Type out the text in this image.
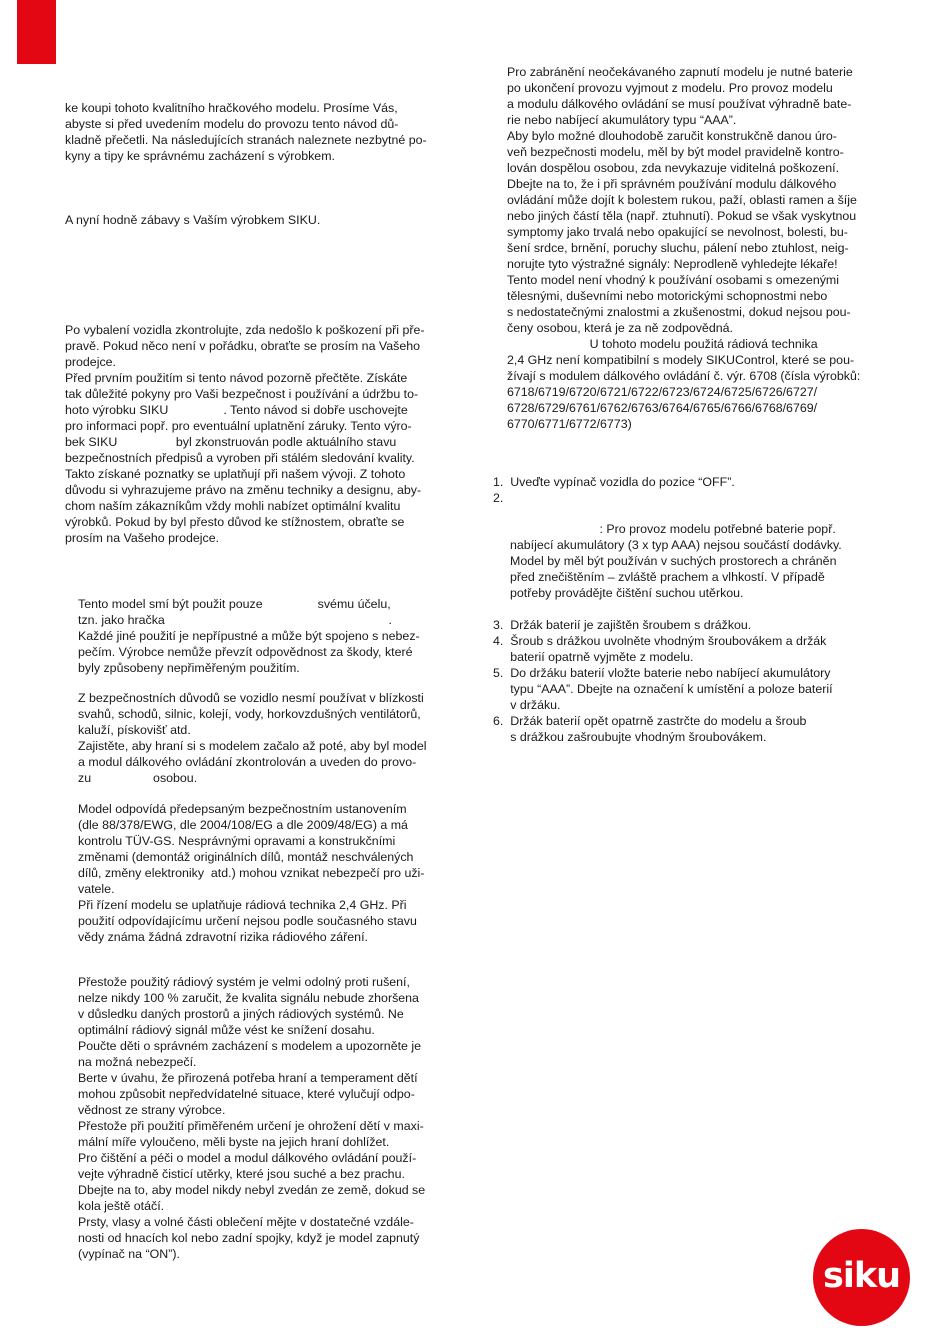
ke koupi tohoto kvalitního hračkového modelu. Prosíme Vás,

abyste si před uvedením modelu do provozu tento návod dů-

kladně přečetli. Na následujících stranách naleznete nezbytné po-

kyny a tipy ke správnému zacházení s výrobkem.

A nyní hodně zábavy s Vaším výrobkem SIKU.

Po vybalení vozidla zkontrolujte, zda nedošlo k poškození při pře-

pravě. Pokud něco není v pořádku, obraťte se prosím na Vašeho

prodejce.

Před prvním použitím si tento návod pozorně přečtěte. Získáte

tak důležité pokyny pro Vaši bezpečnost i používání a údržbu to-

hoto výrobku SIKU                . Tento návod si dobře uschovejte

pro informaci popř. pro eventuální uplatnění záruky. Tento výro-

bek SIKU                 byl zkonstruován podle aktuálního stavu

bezpečnostních předpisů a vyroben při stálém sledování kvality.

Takto získané poznatky se uplatňují při našem vývoji. Z tohoto

důvodu si vyhrazujeme právo na změnu techniky a designu, aby-

chom naším zákazníkům vždy mohli nabízet optimální kvalitu

výrobků. Pokud by byl přesto důvod ke stížnostem, obraťte se

prosím na Vašeho prodejce.

Tento model smí být použit pouze                svému účelu,

tzn. jako hračka                                                                 .

Každé jiné použití je nepřípustné a může být spojeno s nebez-

pečím. Výrobce nemůže převzít odpovědnost za škody, které

byly způsobeny nepřiměřeným použitím.

Z bezpečnostních důvodů se vozidlo nesmí používat v blízkosti

svahů, schodů, silnic, kolejí, vody, horkovzdušných ventilátorů,

kaluží, pískovišť atd.

Zajistěte, aby hraní si s modelem začalo až poté, aby byl model

a modul dálkového ovládání zkontrolován a uveden do provo-

zu                  osobou.

Model odpovídá předepsaným bezpečnostním ustanovením

(dle 88/378/EWG, dle 2004/108/EG a dle 2009/48/EG) a má

kontrolu TÜV-GS. Nesprávnými opravami a konstrukčními

změnami (demontáž originálních dílů, montáž neschválených

dílů, změny elektroniky  atd.) mohou vznikat nebezpečí pro uži-

vatele.

Při řízení modelu se uplatňuje rádiová technika 2,4 GHz. Při

použití odpovídajícímu určení nejsou podle současného stavu

vědy známa žádná zdravotní rizika rádiového záření.

Přestože použitý rádiový systém je velmi odolný proti rušení,

nelze nikdy 100 % zaručit, že kvalita signálu nebude zhoršena

v důsledku daných prostorů a jiných rádiových systémů. Ne

optimální rádiový signál může vést ke snížení dosahu.

Poučte děti o správném zacházení s modelem a upozorněte je

na možná nebezpečí.

Berte v úvahu, že přirozená potřeba hraní a temperament dětí

mohou způsobit nepředvídatelné situace, které vylučují odpo-

vědnost ze strany výrobce.

Přestože při použití přiměřeném určení je ohrožení dětí v maxi-

mální míře vyloučeno, měli byste na jejich hraní dohlížet.

Pro čištění a péči o model a modul dálkového ovládání použí-

vejte výhradně čisticí utěrky, které jsou suché a bez prachu.

Dbejte na to, aby model nikdy nebyl zvedán ze země, dokud se

kola ještě otáčí.

Prsty, vlasy a volné části oblečení mějte v dostatečné vzdále-

nosti od hnacích kol nebo zadní spojky, když je model zapnutý

(vypínač na “ON”).

Pro zabránění neočekávaného zapnutí modelu je nutné baterie

po ukončení provozu vyjmout z modelu. Pro provoz modelu

a modulu dálkového ovládání se musí používat výhradně bate-

rie nebo nabíjecí akumulátory typu “AAA”.

Aby bylo možné dlouhodobě zaručit konstrukčně danou úro-

veň bezpečnosti modelu, měl by být model pravidelně kontro-

lován dospělou osobou, zda nevykazuje viditelná poškození.

Dbejte na to, že i při správném používání modulu dálkového

ovládání může dojít k bolestem rukou, paží, oblasti ramen a šíje

nebo jiných částí těla (např. ztuhnutí). Pokud se však vyskytnou

symptomy jako trvalá nebo opakující se nevolnost, bolesti, bu-

šení srdce, brnění, poruchy sluchu, pálení nebo ztuhlost, neig-

norujte tyto výstražné signály: Neprodleně vyhledejte lékaře!

Tento model není vhodný k používání osobami s omezenými

tělesnými, duševními nebo motorickými schopnostmi nebo

s nedostatečnými znalostmi a zkušenostmi, dokud nejsou pou-

čeny osobou, která je za ně zodpovědná.

U tohoto modelu použitá rádiová technika

2,4 GHz není kompatibilní s modely SIKUControl, které se pou-

žívají s modulem dálkového ovládání č. výr. 6708 (čísla výrobků:

6718/6719/6720/6721/6722/6723/6724/6725/6726/6727/

6728/6729/6761/6762/6763/6764/6765/6766/6768/6769/

6770/6771/6772/6773)

1.  Uveďte vypínač vozidla do pozice “OFF”.

2.

: Pro provoz modelu potřebné baterie popř.

nabíjecí akumulátory (3 x typ AAA) nejsou součástí dodávky.

Model by měl být používán v suchých prostorech a chráněn

před znečištěním – zvláště prachem a vlhkostí. V případě

potřeby provádějte čištění suchou utěrkou.

3.  Držák baterií je zajištěn šroubem s drážkou.

4.  Šroub s drážkou uvolněte vhodným šroubovákem a držák

baterií opatrně vyjměte z modelu.

5.  Do držáku baterií vložte baterie nebo nabíjecí akumulátory

typu “AAA”. Dbejte na označení k umístění a poloze baterií

v držáku.

6.  Držák baterií opět opatrně zastrčte do modelu a šroub

s drážkou zašroubujte vhodným šroubovákem.

siku
